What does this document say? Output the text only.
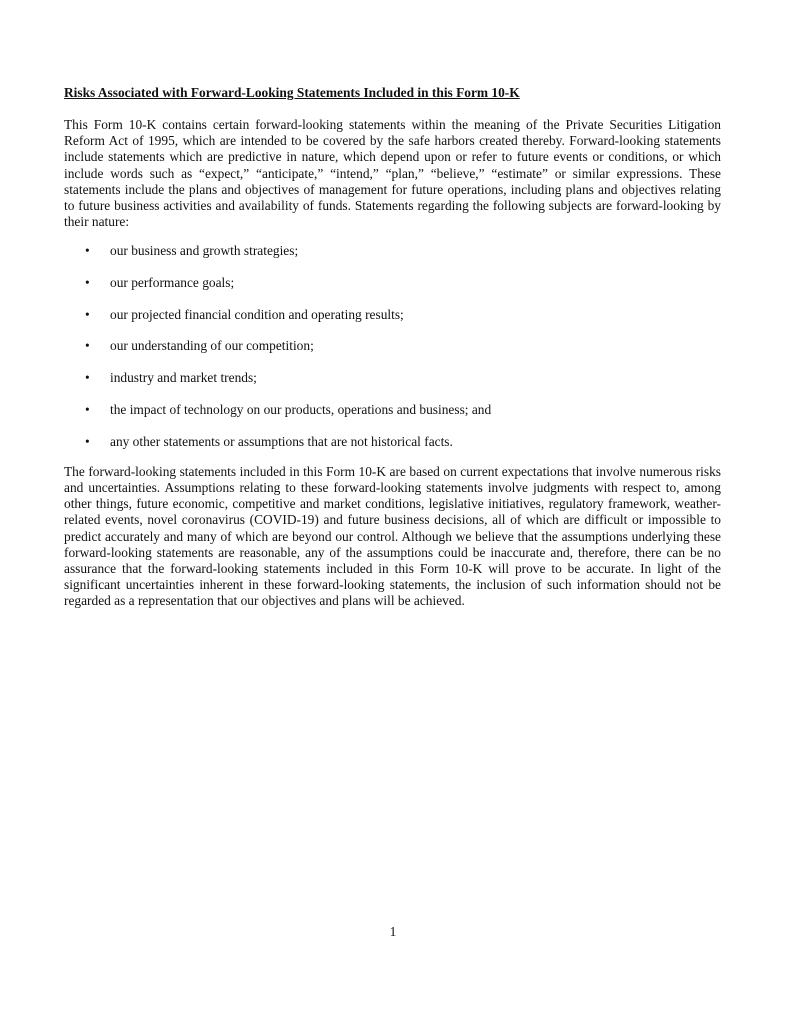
Risks Associated with Forward-Looking Statements Included in this Form 10-K

This Form 10-K contains certain forward-looking statements within the meaning of the Private Securities Litigation Reform Act of 1995, which are intended to be covered by the safe harbors created thereby. Forward-looking statements include statements which are predictive in nature, which depend upon or refer to future events or conditions, or which include words such as “expect,” “anticipate,” “intend,” “plan,” “believe,” “estimate” or similar expressions. These statements include the plans and objectives of management for future operations, including plans and objectives relating to future business activities and availability of funds. Statements regarding the following subjects are forward-looking by their nature:

• our business and growth strategies;
• our performance goals;
• our projected financial condition and operating results;
• our understanding of our competition;
• industry and market trends;
• the impact of technology on our products, operations and business; and
• any other statements or assumptions that are not historical facts.

The forward-looking statements included in this Form 10-K are based on current expectations that involve numerous risks and uncertainties. Assumptions relating to these forward-looking statements involve judgments with respect to, among other things, future economic, competitive and market conditions, legislative initiatives, regulatory framework, weather-related events, novel coronavirus (COVID-19) and future business decisions, all of which are difficult or impossible to predict accurately and many of which are beyond our control. Although we believe that the assumptions underlying these forward-looking statements are reasonable, any of the assumptions could be inaccurate and, therefore, there can be no assurance that the forward-looking statements included in this Form 10-K will prove to be accurate. In light of the significant uncertainties inherent in these forward-looking statements, the inclusion of such information should not be regarded as a representation that our objectives and plans will be achieved.

1
